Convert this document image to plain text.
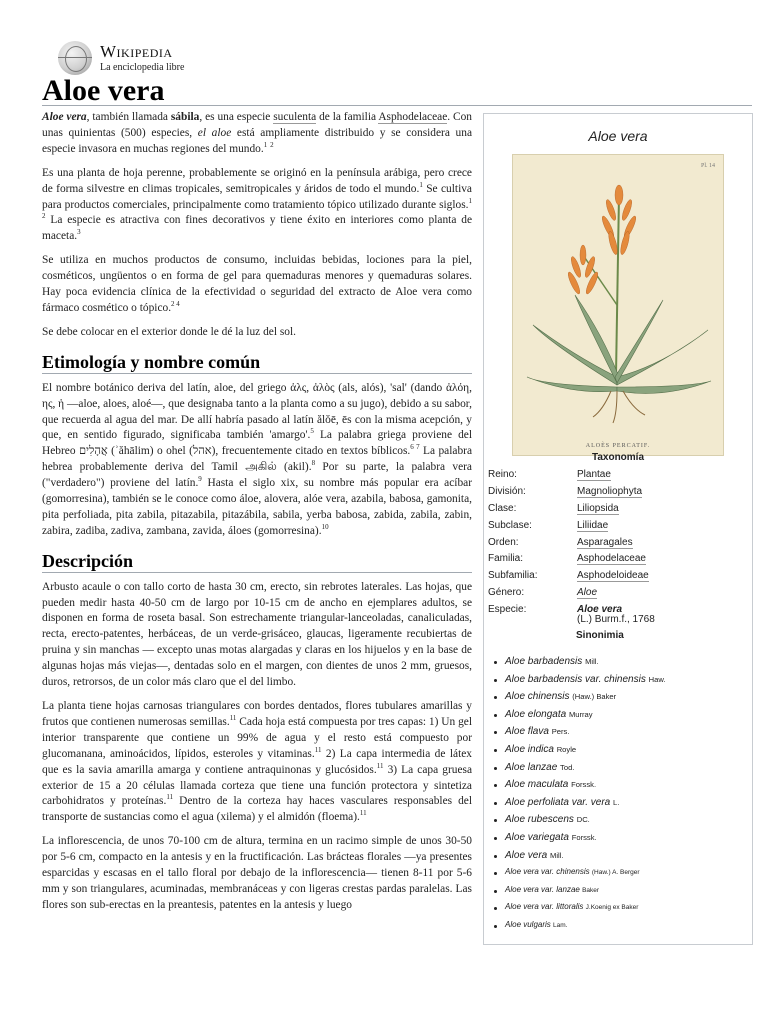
Wikipedia
La enciclopedia libre
Aloe vera

Aloe vera, también llamada sábila, es una especie suculenta de la familia Asphodelaceae. Con unas quinientas (500) especies, el aloe está ampliamente distribuido y se considera una especie invasora en muchas regiones del mundo.$^1$ $^2$

Es una planta de hoja perenne, probablemente se originó en la península arábiga, pero crece de forma silvestre en climas tropicales, semitropicales y áridos de todo el mundo.$^1$ Se cultiva para productos comerciales, principalmente como tratamiento tópico utilizado durante siglos.$^{1 2}$ La especie es atractiva con fines decorativos y tiene éxito en interiores como planta de maceta.$^3$

Se utiliza en muchos productos de consumo, incluidas bebidas, lociones para la piel, cosméticos, ungüentos o en forma de gel para quemaduras menores y quemaduras solares. Hay poca evidencia clínica de la efectividad o seguridad del extracto de Aloe vera como fármaco cosmético o tópico.$^{2 4}$

Se debe colocar en el exterior donde le dé la luz del sol.

Etimología y nombre común

El nombre botánico deriva del latín, aloe, del griego ἀλς, ἀλὸς (als, alós), 'sal' (dando ἀλόη, ης, ἡ —aloe, aloes, aloé—, que designaba tanto a la planta como a su jugo), debido a su sabor, que recuerda al agua del mar. De allí habría pasado al latín ălŏē, ēs con la misma acepción, y que, en sentido figurado, significaba también 'amargo'.$^5$ La palabra griega proviene del Hebreo אֲהָלִים (ʾăhālim) o ohel (אהל), frecuentemente citado en textos bíblicos.$^{6 7}$ La palabra hebrea probablemente deriva del Tamil அகில் (akil).$^8$ Por su parte, la palabra vera ("verdadero") proviene del latín.$^9$ Hasta el siglo xix, su nombre más popular era acíbar (gomorresina), también se le conoce como áloe, alovera, alóe vera, azabila, babosa, gamonita, pita perfoliada, pita zabila, pitazabila, pitazábila, sabila, yerba babosa, zabida, zabila, zabin, zabira, zadiba, zadiva, zambana, zavida, áloes (gomorresina).$^{10}$

Descripción

Arbusto acaule o con tallo corto de hasta 30 cm, erecto, sin rebrotes laterales. Las hojas, que pueden medir hasta 40-50 cm de largo por 10-15 cm de ancho en ejemplares adultos, se disponen en forma de roseta basal. Son estrechamente triangular-lanceoladas, canaliculadas, recta, erecto-patentes, herbáceas, de un verde-grisáceo, glaucas, ligeramente recubiertas de pruina y sin manchas — excepto unas motas alargadas y claras en los hijuelos y en la base de algunas hojas más viejas—, dentadas solo en el margen, con dientes de unos 2 mm, gruesos, duros, retrorsos, de un color más claro que el del limbo.

La planta tiene hojas carnosas triangulares con bordes dentados, flores tubulares amarillas y frutos que contienen numerosas semillas.$^{11}$ Cada hoja está compuesta por tres capas: 1) Un gel interior transparente que contiene un 99% de agua y el resto está compuesto por glucomanana, aminoácidos, lípidos, esteroles y vitaminas.$^{11}$ 2) La capa intermedia de látex que es la savia amarilla amarga y contiene antraquinonas y glucósidos.$^{11}$ 3) La capa gruesa exterior de 15 a 20 células llamada corteza que tiene una función protectora y sintetiza carbohidratos y proteínas.$^{11}$ Dentro de la corteza hay haces vasculares responsables del transporte de sustancias como el agua (xilema) y el almidón (floema).$^{11}$

La inflorescencia, de unos 70-100 cm de altura, termina en un racimo simple de unos 30-50 por 5-6 cm, compacto en la antesis y en la fructificación. Las brácteas florales —ya presentes esparcidas y escasas en el tallo floral por debajo de la inflorescencia— tienen 8-11 por 5-6 mm y son triangulares, acuminadas, membranáceas y con ligeras crestas pardas paralelas. Las flores son sub-erectas en la preantesis, patentes en la antesis y luego

Aloe vera
Pl. 14
ALOÈS PERCATIF.
Taxonomía
Reino:	Plantae
División:	Magnoliophyta
Clase:	Liliopsida
Subclase:	Liliidae
Orden:	Asparagales
Familia:	Asphodelaceae
Subfamilia:	Asphodeloideae
Género:	Aloe
Especie:	Aloe vera
(L.) Burm.f., 1768
Sinonimia
Aloe barbadensis Mill.
Aloe barbadensis var. chinensis Haw.
Aloe chinensis (Haw.) Baker
Aloe elongata Murray
Aloe flava Pers.
Aloe indica Royle
Aloe lanzae Tod.
Aloe maculata Forssk.
Aloe perfoliata var. vera L.
Aloe rubescens DC.
Aloe variegata Forssk.
Aloe vera Mill.
Aloe vera var. chinensis (Haw.) A. Berger
Aloe vera var. lanzae Baker
Aloe vera var. littoralis J.Koenig ex Baker
Aloe vulgaris Lam.
